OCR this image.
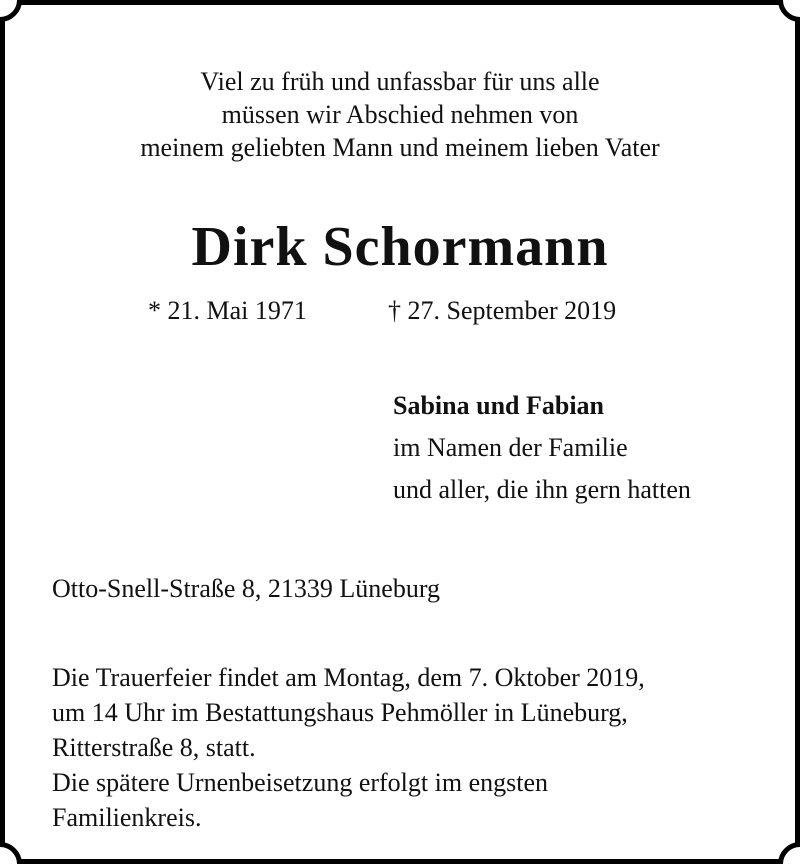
Viel zu früh und unfassbar für uns alle
müssen wir Abschied nehmen von
meinem geliebten Mann und meinem lieben Vater
Dirk Schormann
* 21. Mai 1971	† 27. September 2019
Sabina und Fabian
im Namen der Familie
und aller, die ihn gern hatten
Otto-Snell-Straße 8, 21339 Lüneburg
Die Trauerfeier findet am Montag, dem 7. Oktober 2019,
um 14 Uhr im Bestattungshaus Pehmöller in Lüneburg,
Ritterstraße 8, statt.
Die spätere Urnenbeisetzung erfolgt im engsten
Familienkreis.
